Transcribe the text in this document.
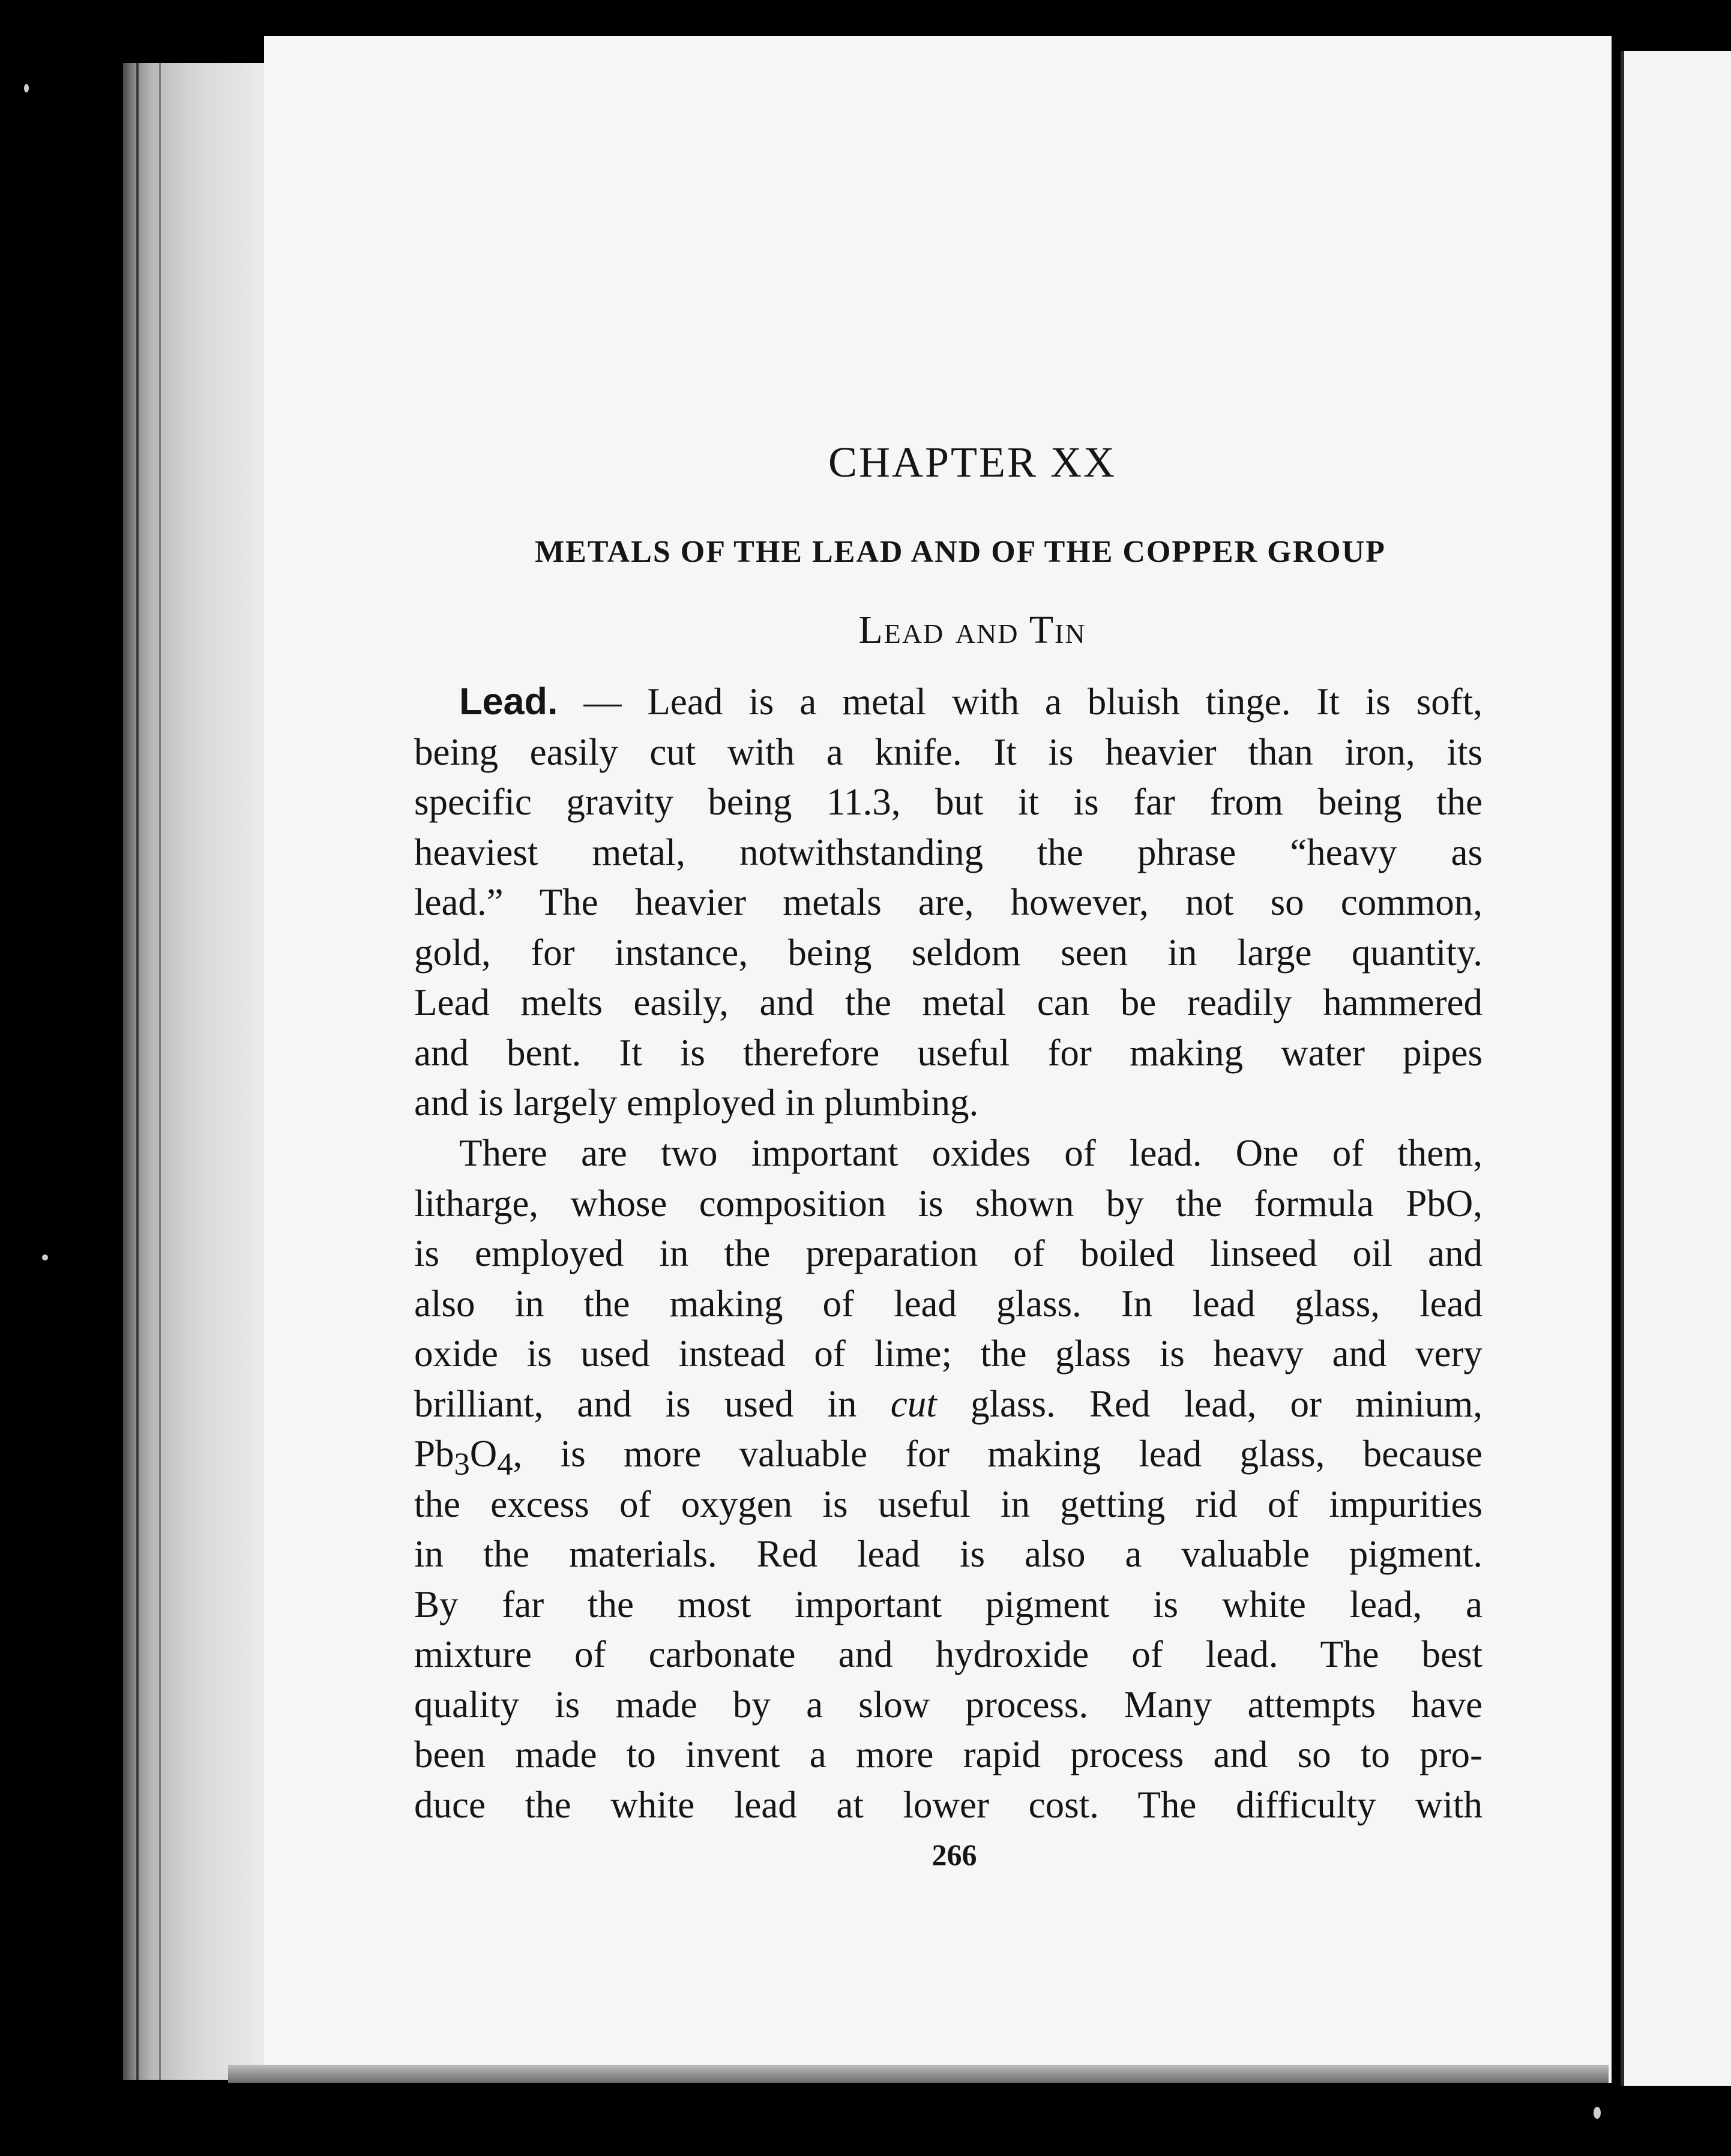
CHAPTER XX
METALS OF THE LEAD AND OF THE COPPER GROUP
Lead and Tin
Lead. — Lead is a metal with a bluish tinge. It is soft,
being easily cut with a knife. It is heavier than iron, its
specific gravity being 11.3, but it is far from being the
heaviest metal, notwithstanding the phrase “heavy as
lead.” The heavier metals are, however, not so common,
gold, for instance, being seldom seen in large quantity.
Lead melts easily, and the metal can be readily hammered
and bent. It is therefore useful for making water pipes
and is largely employed in plumbing.
There are two important oxides of lead. One of them,
litharge, whose composition is shown by the formula PbO,
is employed in the preparation of boiled linseed oil and
also in the making of lead glass. In lead glass, lead
oxide is used instead of lime; the glass is heavy and very
brilliant, and is used in cut glass. Red lead, or minium,
$Pb_3O_4$, is more valuable for making lead glass, because
the excess of oxygen is useful in getting rid of impurities
in the materials. Red lead is also a valuable pigment.
By far the most important pigment is white lead, a
mixture of carbonate and hydroxide of lead. The best
quality is made by a slow process. Many attempts have
been made to invent a more rapid process and so to pro-
duce the white lead at lower cost. The difficulty with
266
